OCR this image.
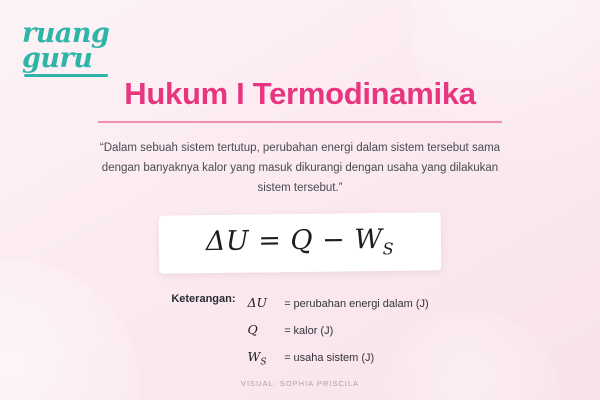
ruang
guru
Hukum I Termodinamika

“Dalam sebuah sistem tertutup, perubahan energi dalam sistem tersebut sama dengan banyaknya kalor yang masuk dikurangi dengan usaha yang dilakukan sistem tersebut.”

$\Delta U = Q - W_S$
Keterangan: ΔU	= perubahan energi dalam (J)
Q	= kalor (J)
$W_S$	= usaha sistem (J)
VISUAL: SOPHIA PRISCILA
